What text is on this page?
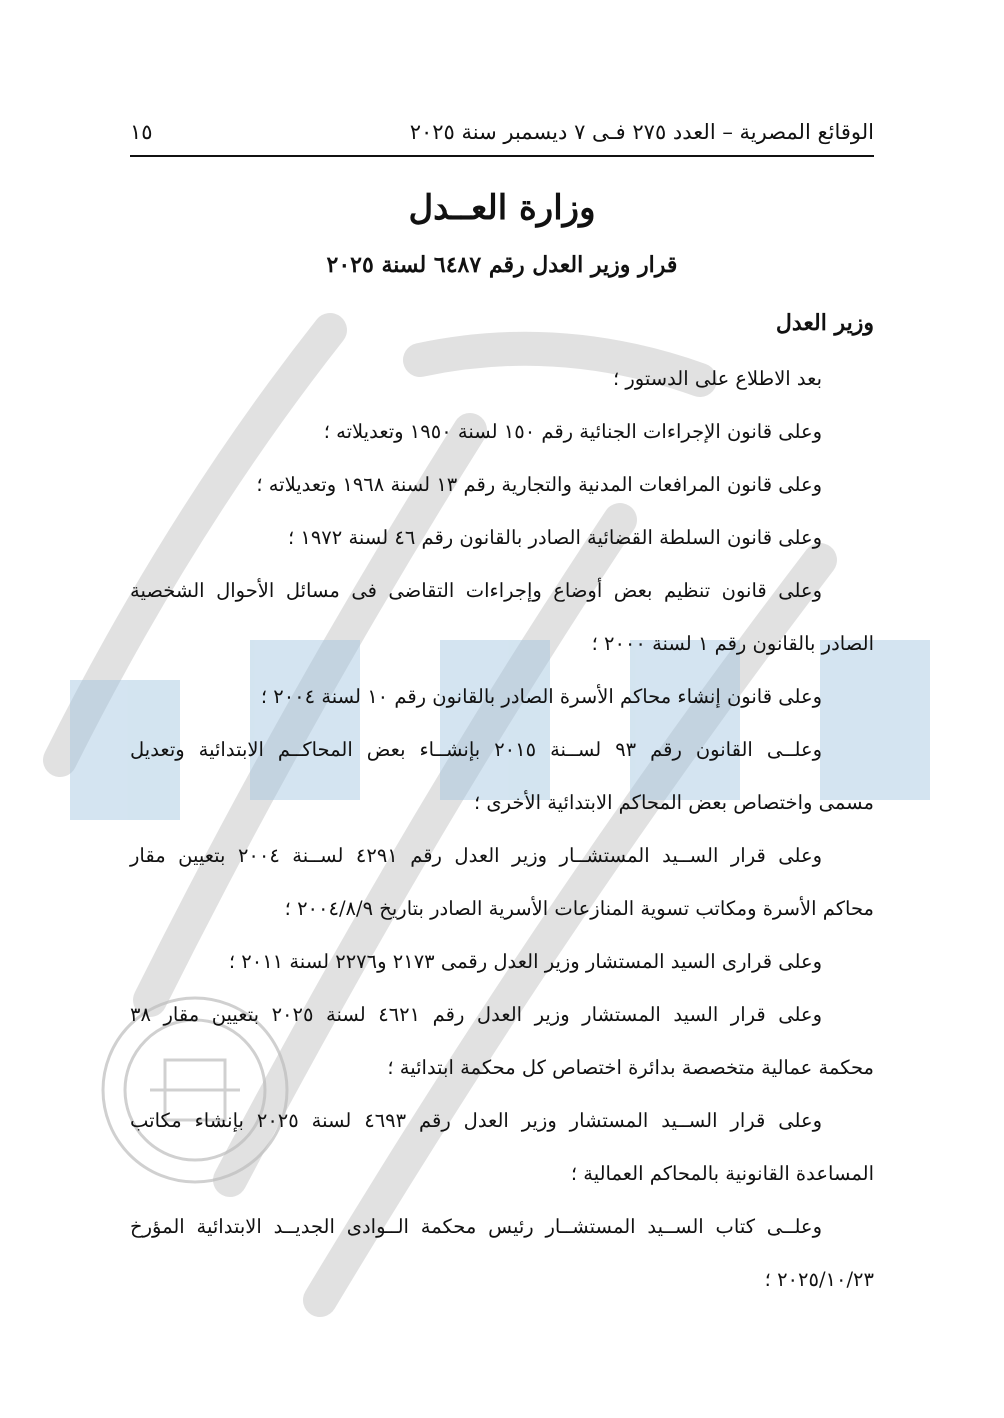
الوقائع المصرية – العدد ٢٧٥ فـى ٧ ديسمبر سنة ٢٠٢٥
١٥
وزارة العــدل
قرار وزير العدل رقم ٦٤٨٧ لسنة ٢٠٢٥
وزير العدل

بعد الاطلاع على الدستور ؛

وعلى قانون الإجراءات الجنائية رقم ١٥٠ لسنة ١٩٥٠ وتعديلاته ؛

وعلى قانون المرافعات المدنية والتجارية رقم ١٣ لسنة ١٩٦٨ وتعديلاته ؛

وعلى قانون السلطة القضائية الصادر بالقانون رقم ٤٦ لسنة ١٩٧٢ ؛

وعلى قانون تنظيم بعض أوضاع وإجراءات التقاضى فى مسائل الأحوال الشخصية
الصادر بالقانون رقم ١ لسنة ٢٠٠٠ ؛

وعلى قانون إنشاء محاكم الأسرة الصادر بالقانون رقم ١٠ لسنة ٢٠٠٤ ؛

وعلــى القانون رقم ٩٣ لســنة ٢٠١٥ بإنشــاء بعض المحاكــم الابتدائية وتعديل
مسمى واختصاص بعض المحاكم الابتدائية الأخرى ؛

وعلى قرار الســيد المستشــار وزير العدل رقم ٤٢٩١ لســنة ٢٠٠٤ بتعيين مقار
محاكم الأسرة ومكاتب تسوية المنازعات الأسرية الصادر بتاريخ ٢٠٠٤/٨/٩ ؛

وعلى قرارى السيد المستشار وزير العدل رقمى ٢١٧٣ و٢٢٧٦ لسنة ٢٠١١ ؛

وعلى قرار السيد المستشار وزير العدل رقم ٤٦٢١ لسنة ٢٠٢٥ بتعيين مقار ٣٨
محكمة عمالية متخصصة بدائرة اختصاص كل محكمة ابتدائية ؛

وعلى قرار الســيد المستشار وزير العدل رقم ٤٦٩٣ لسنة ٢٠٢٥ بإنشاء مكاتب
المساعدة القانونية بالمحاكم العمالية ؛

وعلــى كتاب الســيد المستشــار رئيس محكمة الــوادى الجديــد الابتدائية المؤرخ
٢٠٢٥/١٠/٢٣ ؛
